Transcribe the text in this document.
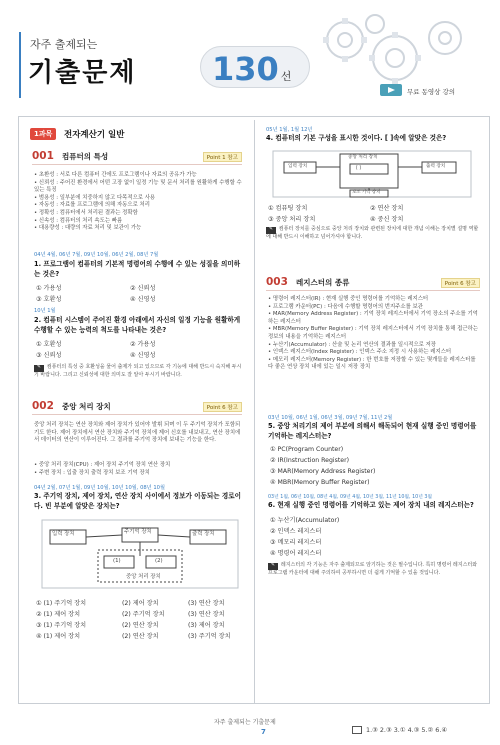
자주 출제되는
기출문제 130 선
무료 동영상 강의
1과목	전자계산기 일반
001 컴퓨터의 특성	Point 1 참고
• 초환성 : 서로 다른 컴퓨터 간에도 프로그램이나 자료의 공유가 가능
• 신뢰성 : 주어진 환경에서 어떤 고장 없이 일정 기능 및 문서 처리를 원활하게 수행할 수 있는 특징
• 범용성 : 일부분에 치중하지 않고 다목적으로 사용
• 자동성 : 자료를 프로그램에 의해 자동으로 처리
• 정확성 : 컴퓨터에서 처리된 결과는 정확함
• 신속성 : 컴퓨터의 처리 속도는 빠름
• 대용량성 : 대량의 자료 처리 및 보관이 가능
04년 4월, 06년 7월, 09년 10월, 06년 2월, 08년 7월
1. 프로그램이 컴퓨터의 기본적 명령어의 수행에 수 있는 성질을 의미하는 것은?
① 가용성	② 신뢰성
③ 호환성	④ 신영성
10년 1월
2. 컴퓨터 시스템이 주어진 환경 아래에서 자신의 일정 기능을 원활하게 수행할 수 있는 능력의 척도를 나타내는 것은?
① 호환성	② 가용성
③ 신뢰성	④ 신영성
✎ 컴퓨터의 특성 중 호환성을 물어 출제가 되고 있으므로 각 기능에 대해 반드시 숙지해 두시기 바랍니다. 그리고 신뢰성에 대한 의미도 잘 알아 두시기 바랍니다.
002 중앙 처리 장치	Point 6 참고
중앙 처리 장치는 연산 장치와 제어 장치가 있어야 발휘 되며 이 두 주기억 장치가 포함되기도 한다. 제어 장치에서 연산 장치와 주기억 장치에 제어 신호를 내보내고, 연산 장치에서 데이터의 연산이 이루어진다. 그 결과를 주기억 장치에 보내는 기능을 한다.
• 중앙 처리 장치(CPU) : 제어 장치 주기억 장치 연산 장치
• 주변 장치 : 입출 장치 출력 장치 보조 기억 장치
04년 2월, 07년 1월, 09년 10월, 10년 10월, 08년 10월
3. 주기억 장치, 제어 장치, 연산 장치 사이에서 정보가 이동되는 경로이다. 빈 부분에 알맞은 장치는?
입력 장치	주기억 장치	출력 장치
(1)	(2)
중앙 처리 장치
① (1) 주기억 장치	(2) 제어 장치	(3) 연산 장치
② (1) 제어 장치	(2) 주기억 장치	(3) 연산 장치
③ (1) 주기억 장치	(2) 연산 장치	(3) 제어 장치
④ (1) 제어 장치	(2) 연산 장치	(3) 주기억 장치
05년 1월, 1월 12년
4. 컴퓨터의 기본 구성을 표시한 것이다. [ ]속에 알맞은 것은?
중앙 처리 장치
입력 장치	[ ]	출력 장치
보조 기억 장치
① 컴퓨팅 장치	② 연산 장치
③ 중앙 처리 장치	④ 중신 장치
✎ 컴퓨터 장치를 중심으로 중앙 처리 장치와 관련된 장치에 대한 개념 이해는 장치별 설명 역할에 대해 반드시 이해하고 넘어가셔야 합니다.
003 레지스터의 종류	Point 6 참고
• 명령어 레지스터(IR) : 현재 실행 중인 명령어를 기억하는 레지스터
• 프로그램 카운터(PC) : 다음에 수행할 명령어의 번지주소를 보관
• MAR(Memory Address Register) : 기억 장치 레지스터에서 기억 장소의 주소를 기억하는 레지스터
• MBR(Memory Buffer Register) : 기억 장치 레지스터에서 기억 장치를 통해 접근하는 정보의 내용을 기억하는 레지스터
• 누산기(Accumulator) : 산술 및 논리 연산의 결과를 일시적으로 저장
• 인덱스 레지스터(Index Register) : 인덱스 주소 지정 시 사용하는 레지스터
• 메모리 레지스터(Memory Register) : 한 번호를 저장할 수 있는 몇개들을 레지스터를 다 좋은 연상 장치 내에 있는 일시 저장 장치
03년 10월, 06년 1월, 06년 3월, 09년 7월, 11년 2월
5. 중앙 처리기의 제어 부분에 의해서 해독되어 현재 실행 중인 명령어를 기억하는 레지스터는?
① PC(Program Counter)
② IR(Instruction Register)
③ MAR(Memory Address Register)
④ MBR(Memory Buffer Register)
03년 1월, 06년 10월, 08년 4월, 09년 4월, 10년 3월, 11년 10월, 10년 3월
6. 현재 실행 중인 명령어를 기억하고 있는 제어 장치 내의 레지스터는?
① 누산기(Accumulator)
② 인덱스 레지스터
③ 메모리 레지스터
④ 명령어 레지스터
✎ 레지스터의 각 기능은 자주 출제되므로 암기하는 것은 필수입니다. 특히 명령어 레지스터와 프로그램 카운터에 대해 주의하여 공부하시면 더 쉽게 기억할 수 있을 것입니다.
자주 출제되는 기출문제
7	1.③ 2.③ 3.① 4.③ 5.② 6.④
